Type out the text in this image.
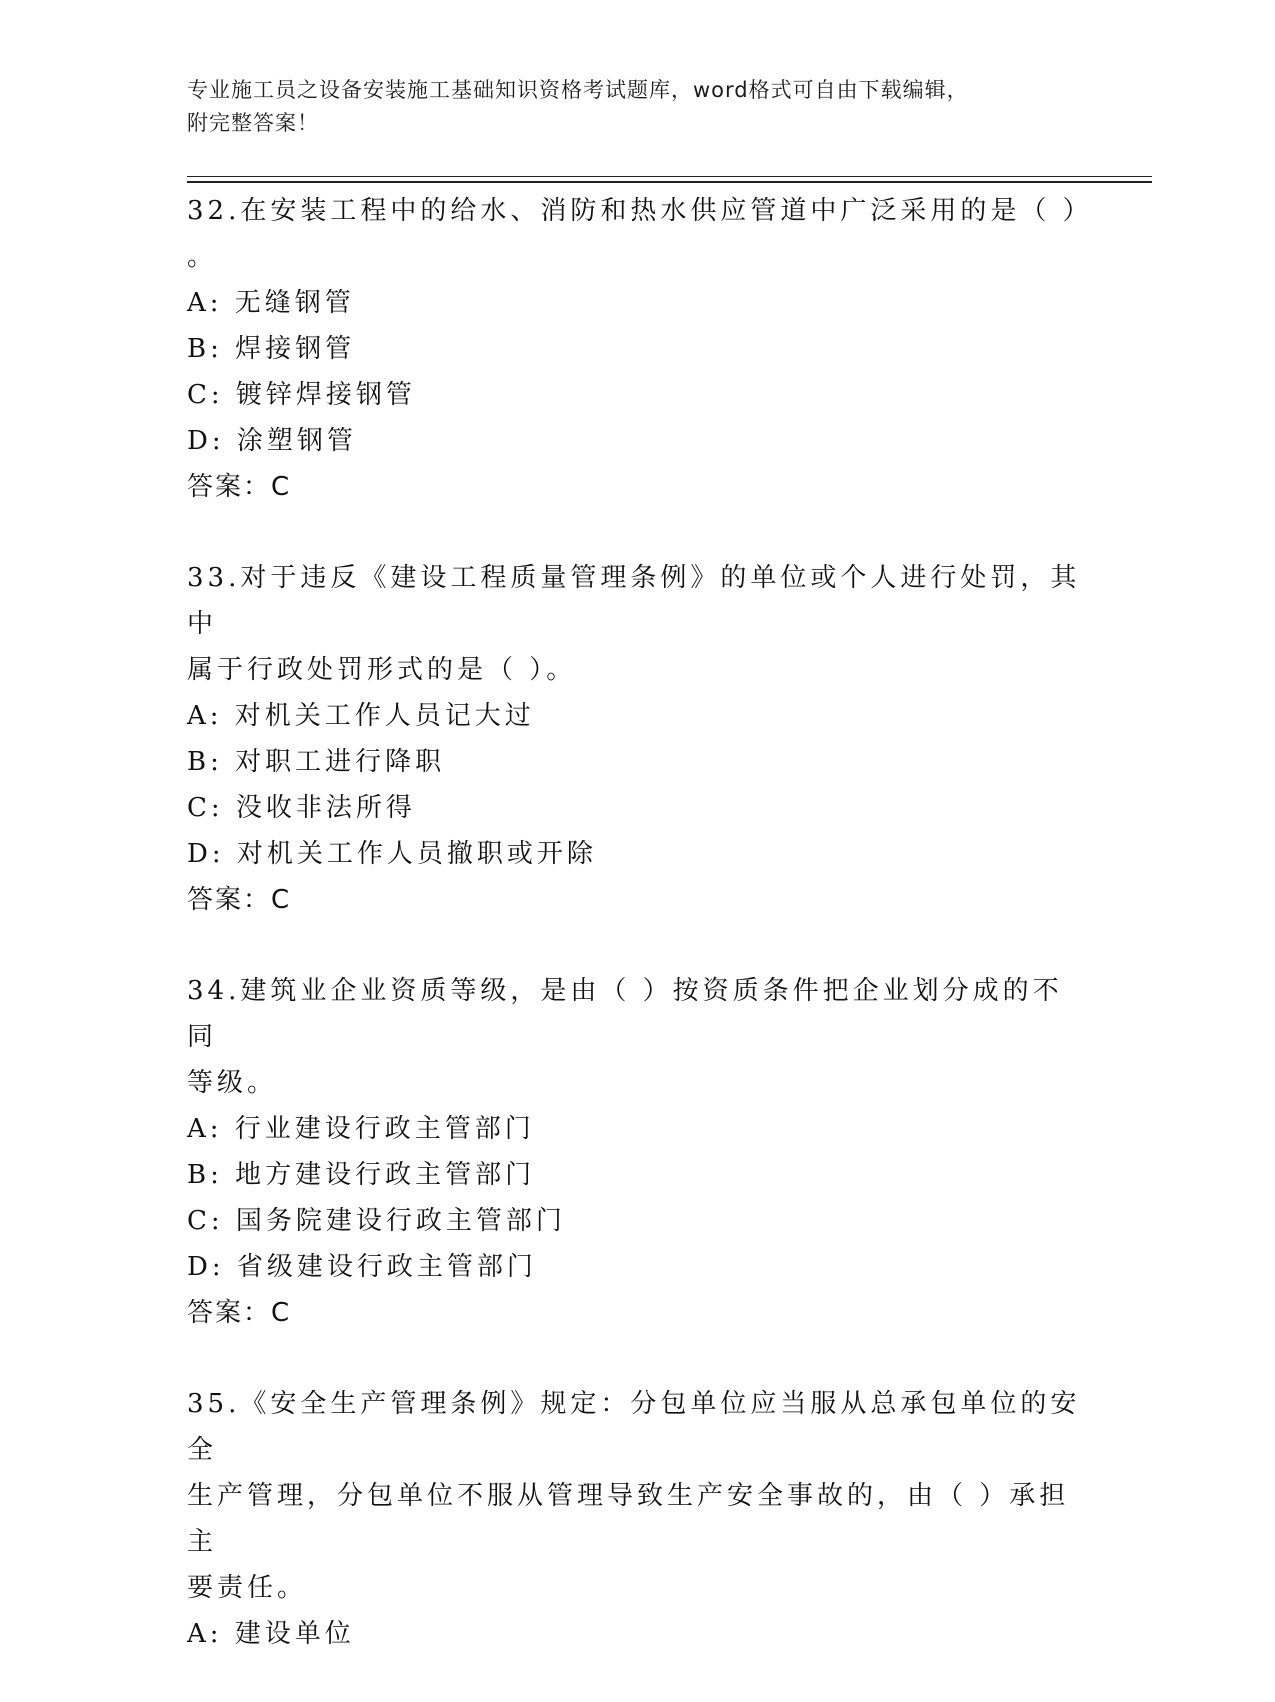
专业施工员之设备安装施工基础知识资格考试题库，word格式可自由下载编辑，
附完整答案！

32.在安装工程中的给水、消防和热水供应管道中广泛采用的是（ ）

。

A: 无缝钢管

B: 焊接钢管

C: 镀锌焊接钢管

D: 涂塑钢管

答案：C

33.对于违反《建设工程质量管理条例》的单位或个人进行处罚，其中

属于行政处罚形式的是（ ）。

A: 对机关工作人员记大过

B: 对职工进行降职

C: 没收非法所得

D: 对机关工作人员撤职或开除

答案：C

34.建筑业企业资质等级，是由（ ）按资质条件把企业划分成的不同

等级。

A: 行业建设行政主管部门

B: 地方建设行政主管部门

C: 国务院建设行政主管部门

D: 省级建设行政主管部门

答案：C

35.《安全生产管理条例》规定：分包单位应当服从总承包单位的安全

生产管理，分包单位不服从管理导致生产安全事故的，由（ ）承担主

要责任。

A: 建设单位
